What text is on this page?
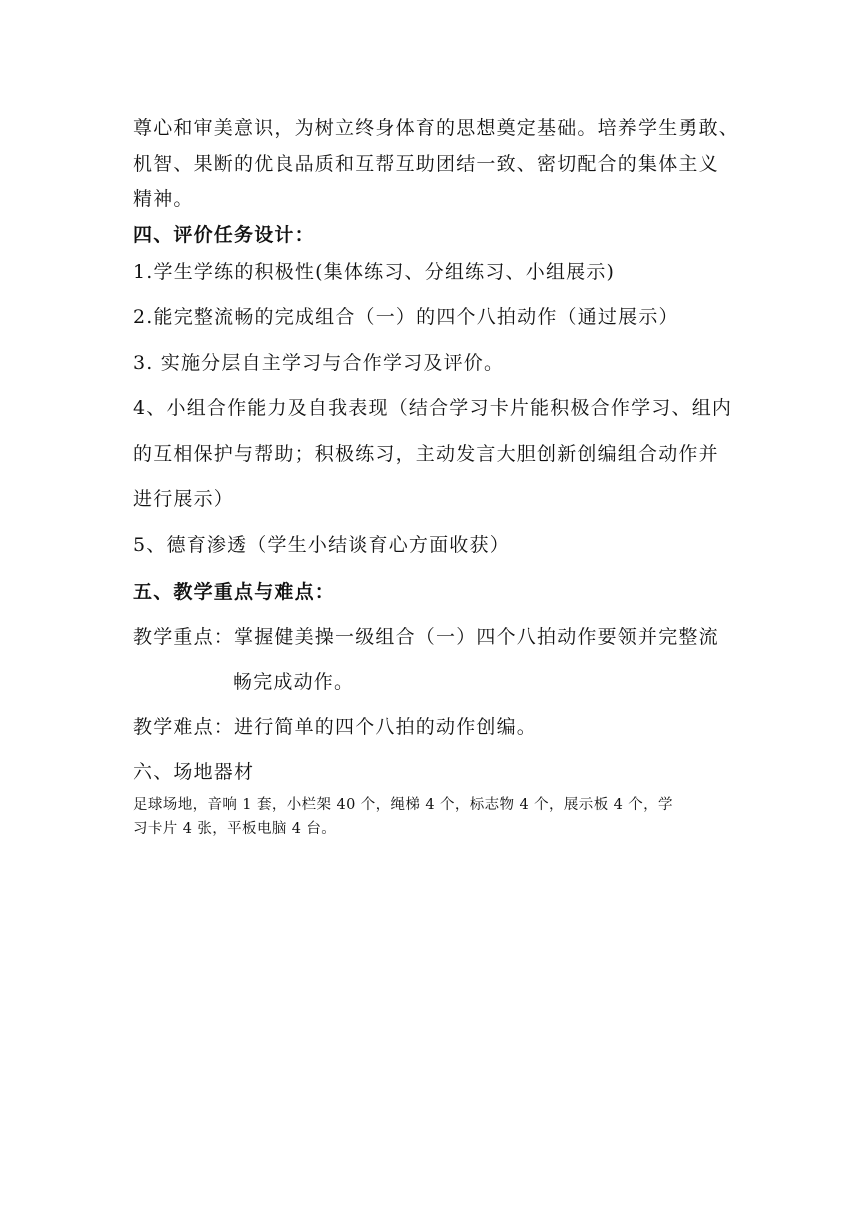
尊心和审美意识，为树立终身体育的思想奠定基础。培养学生勇敢、
机智、果断的优良品质和互帮互助团结一致、密切配合的集体主义
精神。
四、评价任务设计：
1.学生学练的积极性(集体练习、分组练习、小组展示)
2.能完整流畅的完成组合（一）的四个八拍动作（通过展示）
3. 实施分层自主学习与合作学习及评价。
4、小组合作能力及自我表现（结合学习卡片能积极合作学习、组内
的互相保护与帮助；积极练习，主动发言大胆创新创编组合动作并
进行展示）
5、德育渗透（学生小结谈育心方面收获）
五、教学重点与难点：
教学重点：掌握健美操一级组合（一）四个八拍动作要领并完整流
畅完成动作。
教学难点：进行简单的四个八拍的动作创编。
六、场地器材
足球场地，音响 1 套，小栏架 40 个，绳梯 4 个，标志物 4 个，展示板 4 个，学
习卡片 4 张，平板电脑 4 台。
